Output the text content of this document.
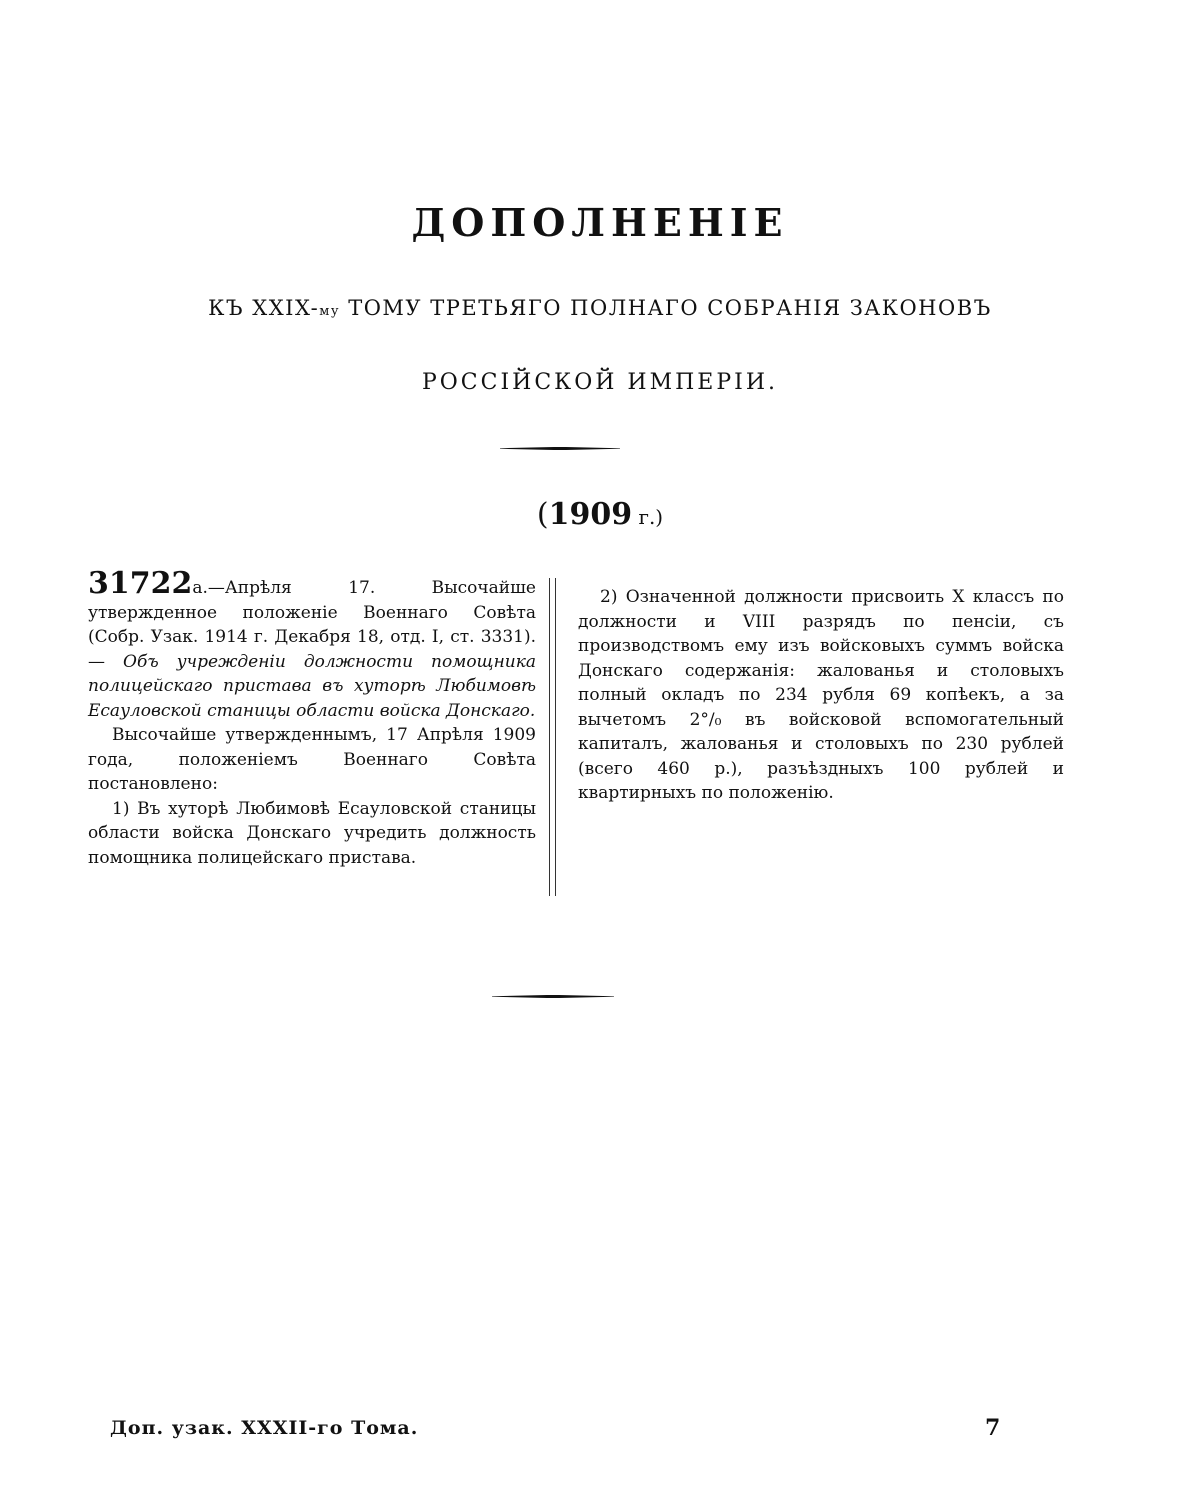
ДОПОЛНЕНІЕ
КЪ XXIX-му ТОМУ ТРЕТЬЯГО ПОЛНАГО СОБРАНІЯ ЗАКОНОВЪ
РОССІЙСКОЙ ИМПЕРІИ.
(1909 г.)

31722а.—Апрѣля 17. Высочайше утвержденное положеніе Военнаго Совѣта (Собр. Узак. 1914 г. Декабря 18, отд. I, ст. 3331).— Объ учрежденіи должности помощника полицейскаго пристава въ хуторѣ Любимовѣ Есауловской станицы области войска Донскаго.

Высочайше утвержденнымъ, 17 Апрѣля 1909 года, положеніемъ Военнаго Совѣта постановлено:

1) Въ хуторѣ Любимовѣ Есауловской станицы области войска Донскаго учредить должность помощника полицейскаго пристава.

2) Означенной должности присвоить X классъ по должности и VIII разрядъ по пенсіи, съ производствомъ ему изъ войсковыхъ суммъ войска Донскаго содержанія: жалованья и столовыхъ полный окладъ по 234 рубля 69 копѣекъ, а за вычетомъ 2°/₀ въ войсковой вспомогательный капиталъ, жалованья и столовыхъ по 230 рублей (всего 460 р.), разъѣздныхъ 100 рублей и квартирныхъ по положенію.

Доп. узак. XXXII-го Тома.	7
